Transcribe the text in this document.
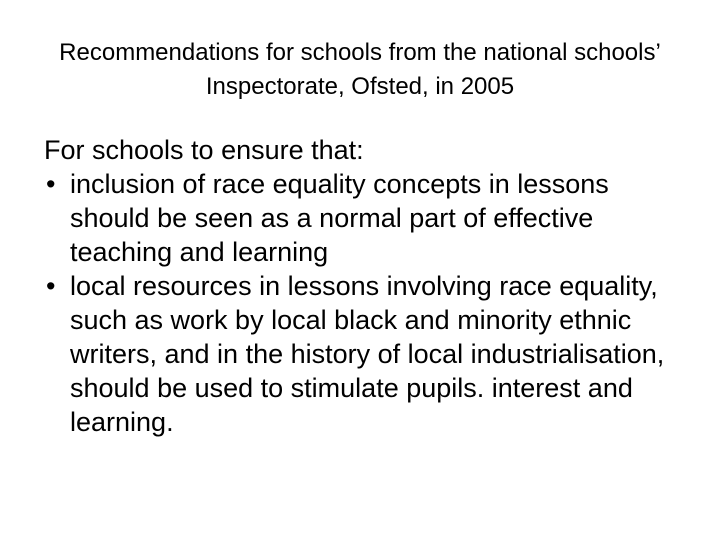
Recommendations for schools from the national schools’ Inspectorate, Ofsted, in 2005

For schools to ensure that:

• inclusion of race equality concepts in lessons should be seen as a normal part of effective teaching and learning
• local resources in lessons involving race equality, such as work by local black and minority ethnic writers, and in the history of local industrialisation, should be used to stimulate pupils. interest and learning.
